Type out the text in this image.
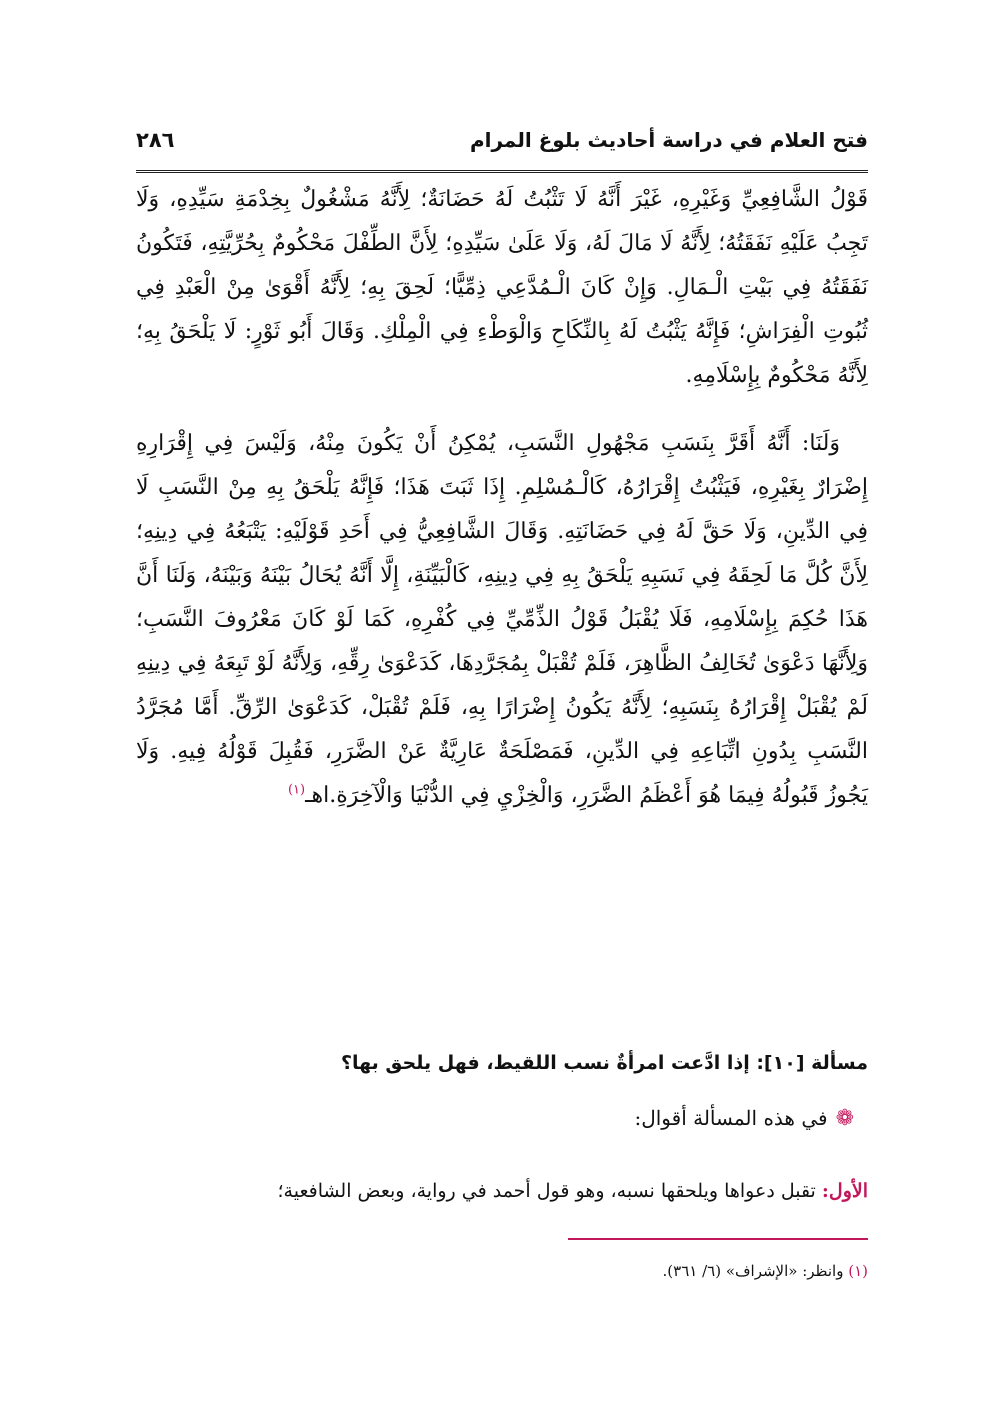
فتح العلام في دراسة أحاديث بلوغ المرام
٢٨٦

قَوْلُ الشَّافِعِيِّ وَغَيْرِهِ، غَيْرَ أَنَّهُ لَا تَثْبُتُ لَهُ حَضَانَةٌ؛ لِأَنَّهُ مَشْغُولٌ بِخِدْمَةِ سَيِّدِهِ، وَلَا تَجِبُ عَلَيْهِ نَفَقَتُهُ؛ لِأَنَّهُ لَا مَالَ لَهُ، وَلَا عَلَىٰ سَيِّدِهِ؛ لِأَنَّ الطِّفْلَ مَحْكُومٌ بِحُرِّيَّتِهِ، فَتَكُونُ نَفَقَتُهُ فِي بَيْتِ الْـمَالِ. وَإِنْ كَانَ الْـمُدَّعِي ذِمِّيًّا؛ لَحِقَ بِهِ؛ لِأَنَّهُ أَقْوَىٰ مِنْ الْعَبْدِ فِي ثُبُوتِ الْفِرَاشِ؛ فَإِنَّهُ يَثْبُتُ لَهُ بِالنِّكَاحِ وَالْوَطْءِ فِي الْمِلْكِ. وَقَالَ أَبُو ثَوْرٍ: لَا يَلْحَقُ بِهِ؛ لِأَنَّهُ مَحْكُومٌ بِإِسْلَامِهِ.

وَلَنَا: أَنَّهُ أَقَرَّ بِنَسَبِ مَجْهُولِ النَّسَبِ، يُمْكِنُ أَنْ يَكُونَ مِنْهُ، وَلَيْسَ فِي إِقْرَارِهِ إِضْرَارٌ بِغَيْرِهِ، فَيَثْبُتُ إِقْرَارُهُ، كَالْـمُسْلِمِ. إِذَا ثَبَتَ هَذَا؛ فَإِنَّهُ يَلْحَقُ بِهِ مِنْ النَّسَبِ لَا فِي الدِّينِ، وَلَا حَقَّ لَهُ فِي حَضَانَتِهِ. وَقَالَ الشَّافِعِيُّ فِي أَحَدِ قَوْلَيْهِ: يَتْبَعُهُ فِي دِينِهِ؛ لِأَنَّ كُلَّ مَا لَحِقَهُ فِي نَسَبِهِ يَلْحَقُ بِهِ فِي دِينِهِ، كَالْبَيِّنَةِ، إِلَّا أَنَّهُ يُحَالُ بَيْنَهُ وَبَيْنَهُ، وَلَنَا أَنَّ هَذَا حُكِمَ بِإِسْلَامِهِ، فَلَا يُقْبَلُ قَوْلُ الذِّمِّيِّ فِي كُفْرِهِ، كَمَا لَوْ كَانَ مَعْرُوفَ النَّسَبِ؛ وَلِأَنَّهَا دَعْوَىٰ تُخَالِفُ الظَّاهِرَ، فَلَمْ تُقْبَلْ بِمُجَرَّدِهَا، كَدَعْوَىٰ رِقِّهِ، وَلِأَنَّهُ لَوْ تَبِعَهُ فِي دِينِهِ لَمْ يُقْبَلْ إِقْرَارُهُ بِنَسَبِهِ؛ لِأَنَّهُ يَكُونُ إِضْرَارًا بِهِ، فَلَمْ تُقْبَلْ، كَدَعْوَىٰ الرِّقِّ. أَمَّا مُجَرَّدُ النَّسَبِ بِدُونِ اتِّبَاعِهِ فِي الدِّينِ، فَمَصْلَحَةٌ عَارِيَّةٌ عَنْ الضَّرَرِ، فَقُبِلَ قَوْلُهُ فِيهِ. وَلَا يَجُوزُ قَبُولُهُ فِيمَا هُوَ أَعْظَمُ الضَّرَرِ، وَالْخِزْيِ فِي الدُّنْيَا وَالْآخِرَةِ.اهـ$^{(١)}$

مسألة [١٠]: إذا ادَّعت امرأةٌ نسب اللقيط، فهل يلحق بها؟
❁في هذه المسألة أقوال:
الأول: تقبل دعواها ويلحقها نسبه، وهو قول أحمد في رواية، وبعض الشافعية؛
(١) وانظر: «الإشراف» (٦/ ٣٦١).
